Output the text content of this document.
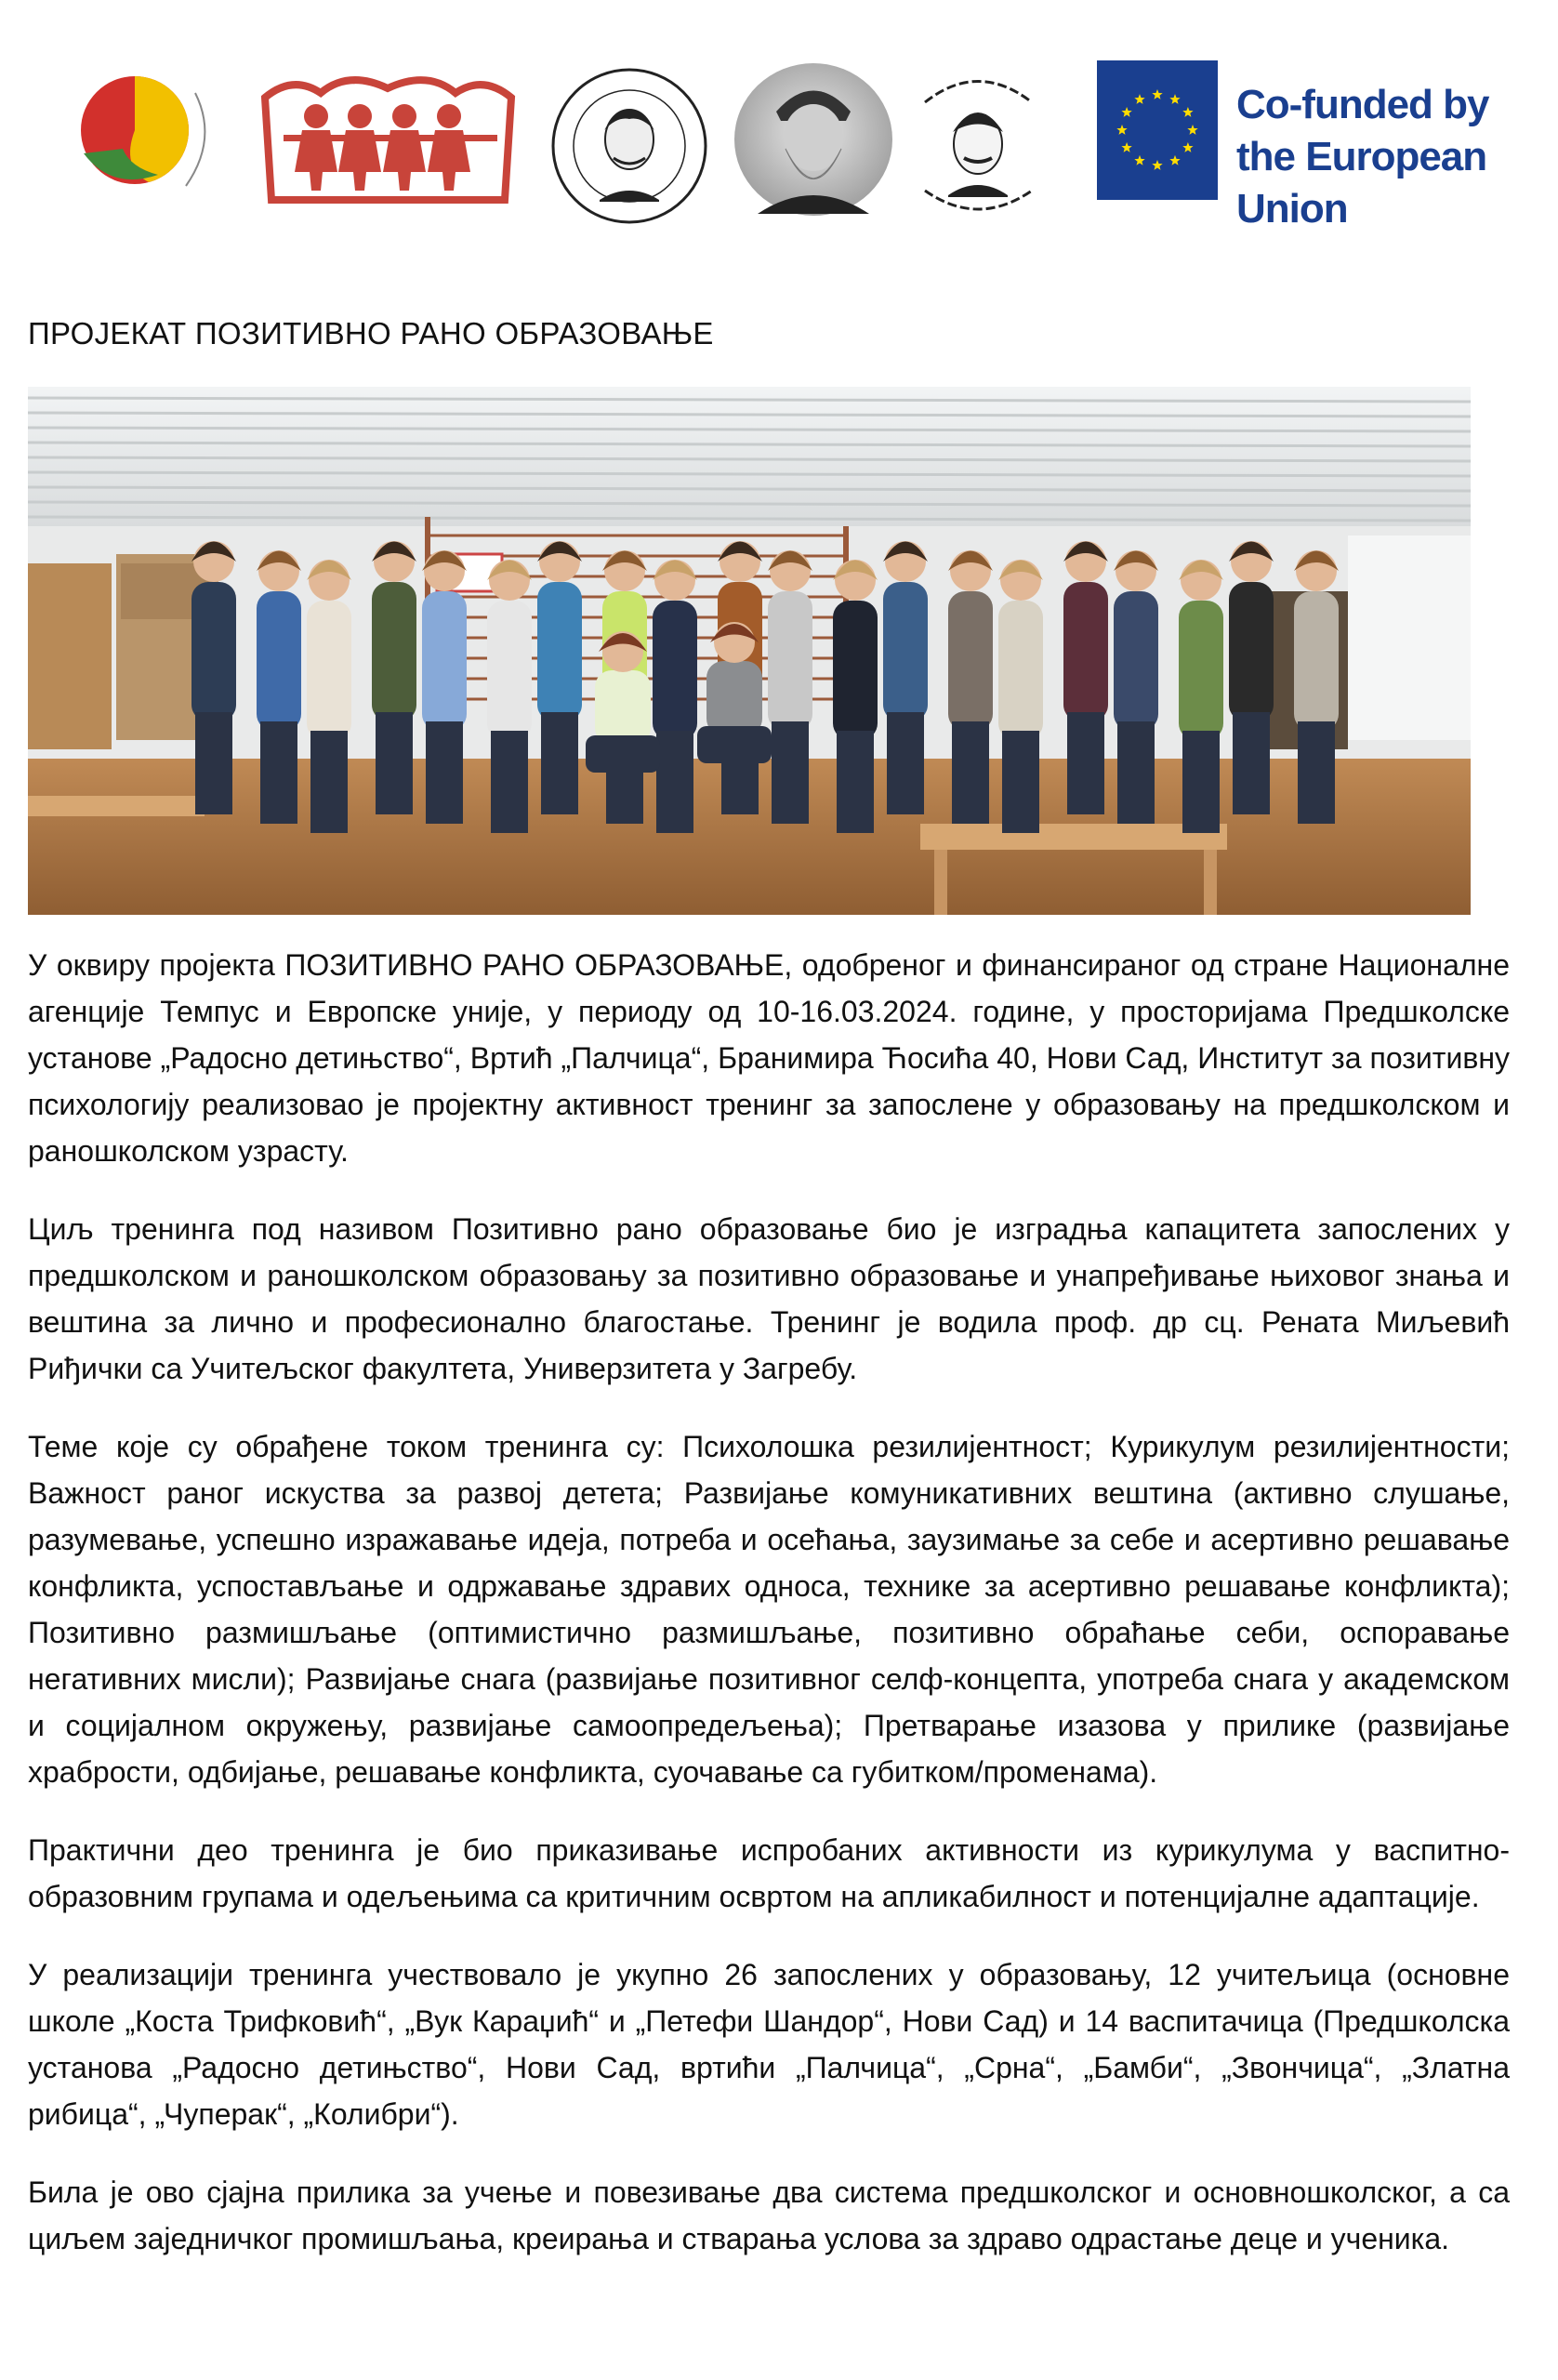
Co-funded by
the European Union
ПРОЈЕКАТ ПОЗИТИВНО РАНО ОБРАЗОВАЊЕ

У оквиру пројекта ПОЗИТИВНО РАНО ОБРАЗОВАЊЕ, одобреног и финансираног од стране Националне агенције Темпус и Европске уније, у периоду од 10-16.03.2024. године, у просторијама Предшколске установе „Радосно детињство“, Вртић „Палчица“, Бранимира Ћосића 40, Нови Сад, Институт за позитивну психологију реализовао је пројектну активност тренинг за запослене у образовању на предшколском и раношколском узрасту.

Циљ тренинга под називом Позитивно рано образовање био је изградња капацитета запослених у предшколском и раношколском образовању за позитивно образовање и унапређивање њиховог знања и вештина за лично и професионално благостање. Тренинг је водила проф. др сц. Рената Миљевић Риђички са Учитељског факултета, Универзитета у Загребу.

Теме које су обрађене током тренинга су: Психолошка резилијентност; Курикулум резилијентности; Важност раног искуства за развој детета; Развијање комуникативних вештина (активно слушање, разумевање, успешно изражавање идеја, потреба и осећања, заузимање за себе и асертивно решавање конфликта, успостављање и одржавање здравих односа, технике за асертивно решавање конфликта); Позитивно размишљање (оптимистично размишљање, позитивно обраћање себи, оспоравање негативних мисли); Развијање снага (развијање позитивног селф-концепта, употреба снага у академском и социјалном окружењу, развијање самоопредељења); Претварање изазова у прилике (развијање храбрости, одбијање, решавање конфликта, суочавање са губитком/променама).

Практични део тренинга је био приказивање испробаних активности из курикулума у васпитно-образовним групама и одељењима са критичним освртом на апликабилност и потенцијалне адаптације.

У реализацији тренинга учествовало је укупно 26 запослених у образовању, 12 учитељица (основне школе „Коста Трифковић“, „Вук Караџић“ и „Петефи Шандор“, Нови Сад) и 14 васпитачица (Предшколска установа „Радосно детињство“, Нови Сад, вртићи „Палчица“, „Срна“, „Бамби“, „Звончица“, „Златна рибица“, „Чуперак“, „Колибри“).

Била је ово сјајна прилика за учење и повезивање два система предшколског и основношколског, а са циљем заједничког промишљања, креирања и стварања услова за здраво одрастање деце и ученика.
